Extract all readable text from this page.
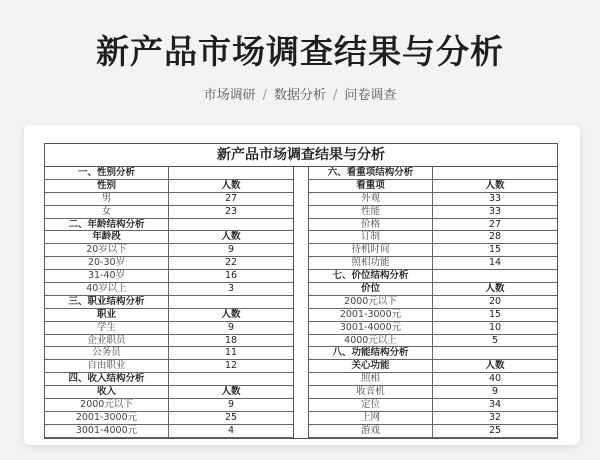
新产品市场调查结果与分析
市场调研 / 数据分析 / 问卷调查
新产品市场调查结果与分析
一、性别分析
性别	人数
男	27
女	23
二、年龄结构分析
年龄段	人数
20岁以下	9
20-30岁	22
31-40岁	16
40岁以上	3
三、职业结构分析
职业	人数
学生	9
企业职员	18
公务员	11
自由职业	12
四、收入结构分析
收入	人数
2000元以下	9
2001-3000元	25
3001-4000元	4
六、看重项结构分析
看重项	人数
外观	33
性能	33
价格	27
订制	28
待机时间	15
照相功能	14
七、价位结构分析
价位	人数
2000元以下	20
2001-3000元	15
3001-4000元	10
4000元以上	5
八、功能结构分析
关心功能	人数
照相	40
收音机	9
定位	34
上网	32
游戏	25
